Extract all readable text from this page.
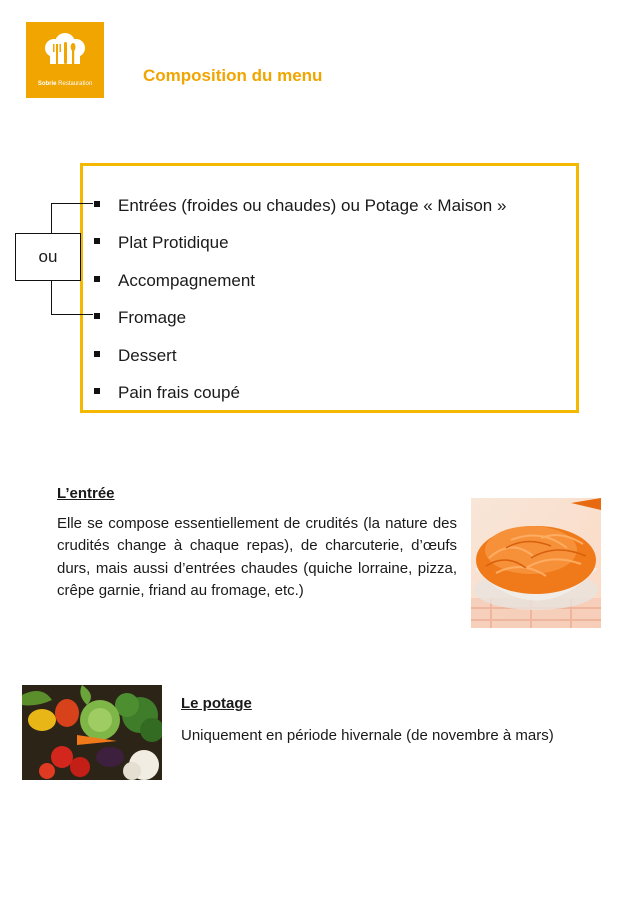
Sobrie Restauration	Composition du menu
Entrées (froides ou chaudes) ou Potage « Maison »
Plat Protidique
Accompagnement
Fromage
Dessert
Pain frais coupé
ou
L’entrée

Elle se compose essentiellement de crudités (la nature des crudités change à chaque repas), de charcuterie, d’œufs durs, mais aussi d’entrées chaudes (quiche lorraine, pizza, crêpe garnie, friand au fromage, etc.)

Le potage

Uniquement en période hivernale (de novembre à mars)
